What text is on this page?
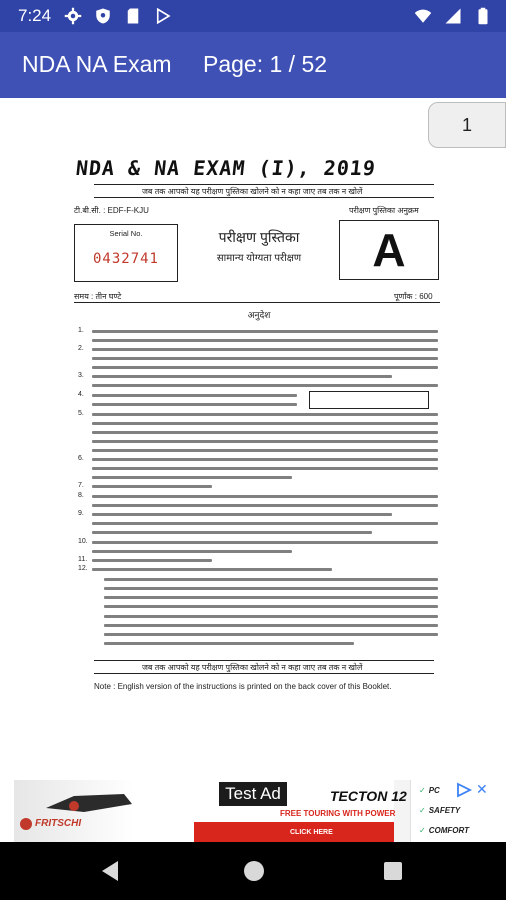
7:24
NDA NA Exam Page: 1 / 52
1
NDA & NA EXAM (I), 2019
जब तक आपको यह परीक्षण पुस्तिका खोलने को न कहा जाए तब तक न खोलें
टी.बी.सी. : EDF-F-KJU	परीक्षण पुस्तिका अनुक्रम
Serial No.
0432741
परीक्षण पुस्तिका
सामान्य योग्यता परीक्षण	A
समय : तीन घण्टे	पूर्णांक : 600
अनुदेश
1.
2.
3.
4.
5.
6.
7.
8.
9.
10.
11.
12.
जब तक आपको यह परीक्षण पुस्तिका खोलने को न कहा जाए तब तक न खोलें
Note : English version of the instructions is printed on the back cover of this Booklet.
FRITSCHI
Test Ad	TECTON 12
FREE TOURING WITH POWER
CLICK HERE
✓ PC
✓ SAFETY
✓ COMFORT
✕
